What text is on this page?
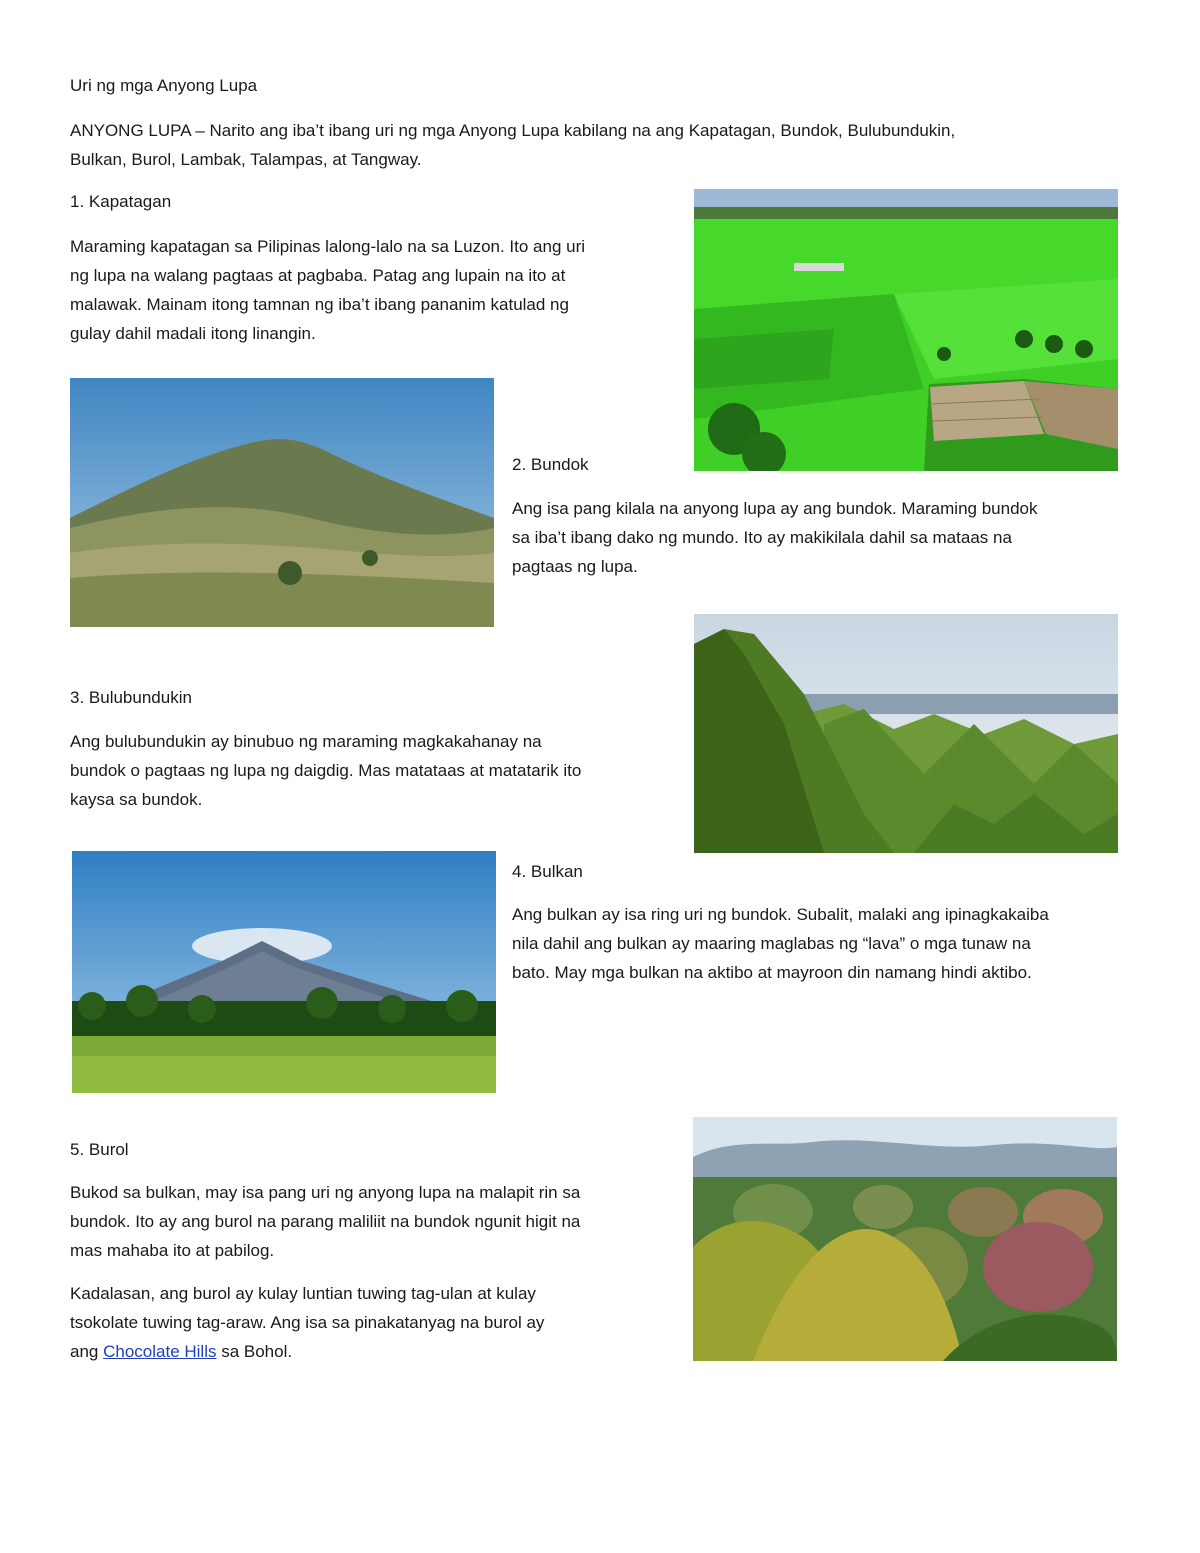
Uri ng mga Anyong Lupa
ANYONG LUPA – Narito ang iba’t ibang uri ng mga Anyong Lupa kabilang na ang Kapatagan, Bundok, Bulubundukin,
Bulkan, Burol, Lambak, Talampas, at Tangway.
1. Kapatagan
Maraming kapatagan sa Pilipinas lalong-lalo na sa Luzon. Ito ang uri
ng lupa na walang pagtaas at pagbaba. Patag ang lupain na ito at
malawak. Mainam itong tamnan ng iba’t ibang pananim katulad ng
gulay dahil madali itong linangin.
2. Bundok
Ang isa pang kilala na anyong lupa ay ang bundok. Maraming bundok
sa iba’t ibang dako ng mundo. Ito ay makikilala dahil sa mataas na
pagtaas ng lupa.
3. Bulubundukin
Ang bulubundukin ay binubuo ng maraming magkakahanay na
bundok o pagtaas ng lupa ng daigdig. Mas matataas at matatarik ito
kaysa sa bundok.
4. Bulkan
Ang bulkan ay isa ring uri ng bundok. Subalit, malaki ang ipinagkakaiba
nila dahil ang bulkan ay maaring maglabas ng “lava” o mga tunaw na
bato. May mga bulkan na aktibo at mayroon din namang hindi aktibo.
5. Burol
Bukod sa bulkan, may isa pang uri ng anyong lupa na malapit rin sa
bundok. Ito ay ang burol na parang maliliit na bundok ngunit higit na
mas mahaba ito at pabilog.
Kadalasan, ang burol ay kulay luntian tuwing tag-ulan at kulay
tsokolate tuwing tag-araw. Ang isa sa pinakatanyag na burol ay
ang Chocolate Hills sa Bohol.
